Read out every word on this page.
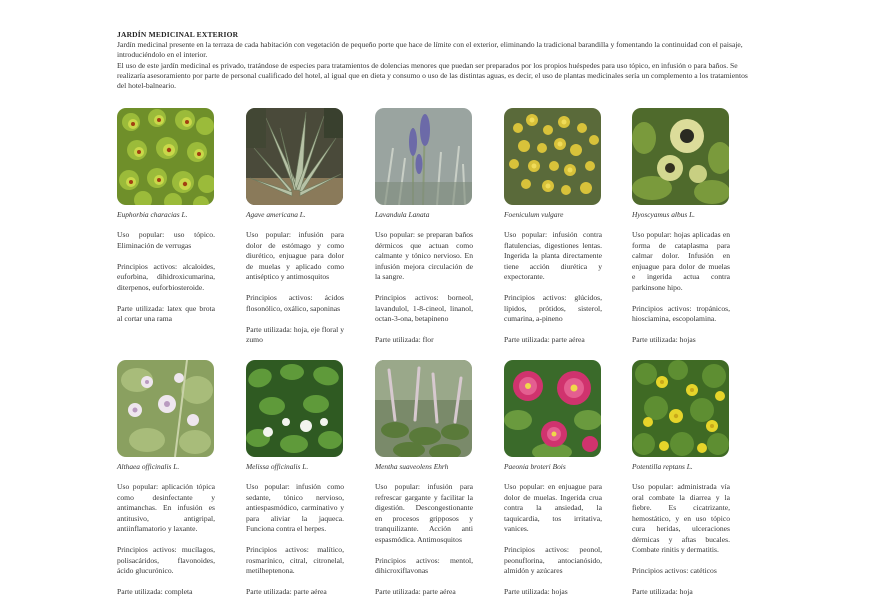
JARDÍN MEDICINAL EXTERIOR
Jardín medicinal presente en la terraza de cada habitación con vegetación de pequeño porte que hace de límite con el exterior, eliminando la tradicional barandilla y fomentando la continuidad con el paisaje, introduciéndolo en el interior.
El uso de este jardín medicinal es privado, tratándose de especies para tratamientos de dolencias menores que puedan ser preparados por los propios huéspedes para uso tópico, en infusión o para baños. Se realizaría asesoramiento por parte de personal cualificado del hotel, al igual que en dieta y consumo o uso de las distintas aguas, es decir, el uso de plantas medicinales sería un complemento a los tratamientos del hotel-balneario.
Euphorbia characias L.

Uso popular: uso tópico. Eliminación de verrugas

Principios activos: alcaloides, euforbina, dihidroxicumarina, diterpenos, euforbiosteroide.

Parte utilizada: latex que brota al cortar una rama

Agave americana L.

Uso popular: infusión para dolor de estómago y como diurético, enjuague para dolor de muelas y aplicado como antiséptico y antimosquitos

Principios activos: ácidos flosonólico, oxálico, saponinas

Parte utilizada: hoja, eje floral y zumo

Lavandula Lanata

Uso popular: se preparan baños dérmicos que actuan como calmante y tónico nervioso. En infusión mejora circulación de la sangre.

Principios activos: borneol, lavandulol, 1-8-cineol, linanol, octan-3-ona, betapineno

Parte utilizada: flor

Foeniculum vulgare

Uso popular: infusión contra flatulencias, digestiones lentas. Ingerida la planta directamente tiene acción diurética y expectorante.

Principios activos: glúcidos, lípidos, prótidos, sisterol, cumarina, a-pineno

Parte utilizada: parte aérea

Hyoscyamus albus L.

Uso popular: hojas aplicadas en forma de cataplasma para calmar dolor. Infusión en enjuague para dolor de muelas e ingerida actua contra parkinsone hipo.

Principios activos: tropánicos, hiosciamina, escopolamina.

Parte utilizada: hojas

Althaea officinalis L.

Uso popular: aplicación tópica como desinfectante y antimanchas. En infusión es antitusivo, antigripal, antiinflamatorio y laxante.

Principios activos: mucílagos, polisacáridos, flavonoides, ácido glucurónico.

Parte utilizada: completa

Melissa officinalis L.

Uso popular: infusión como sedante, tónico nervioso, antiespasmódico, carminativo y para aliviar la jaqueca. Funciona contra el herpes.

Principios activos: malítico, rosmarínico, citral, citronelal, metilheptenona.

Parte utilizada: parte aérea

Mentha suaveolens Ehrh

Uso popular: infusión para refrescar gargante y facilitar la digestión. Descongestionante en procesos gripposos y tranquilizante. Acción anti espasmódica. Antimosquitos

Principios activos: mentol, dihicroxiflavonas

Parte utilizada: parte aérea

Paeonia broteri Bois

Uso popular: en enjuague para dolor de muelas. Ingerida crua contra la ansiedad, la taquicardia, tos irritativa, vanices.

Principios activos: peonol, peonuflorina, antocianósido, almidón y azúcares

Parte utilizada: hojas

Potentilla reptans L.

Uso popular: administrada vía oral combate la diarrea y la fiebre. Es cicatrizante, hemostático, y en uso tópico cura heridas, ulceraciones dérmicas y aftas bucales. Combate rinitis y dermatitis.

Principios activos: catéticos

Parte utilizada: hoja
